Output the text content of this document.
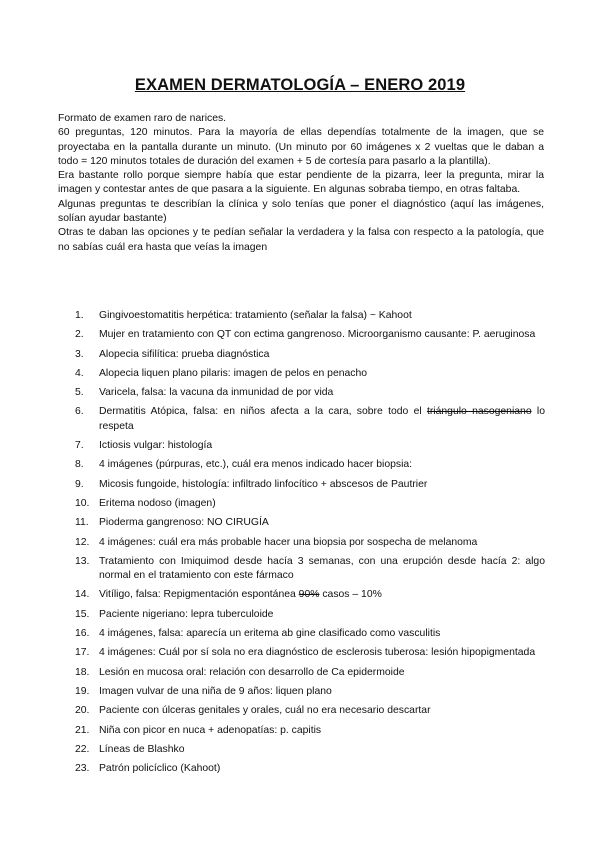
EXAMEN DERMATOLOGÍA – ENERO 2019

Formato de examen raro de narices.

60 preguntas, 120 minutos. Para la mayoría de ellas dependías totalmente de la imagen, que se proyectaba en la pantalla durante un minuto. (Un minuto por 60 imágenes x 2 vueltas que le daban a todo = 120 minutos totales de duración del examen + 5 de cortesía para pasarlo a la plantilla).

Era bastante rollo porque siempre había que estar pendiente de la pizarra, leer la pregunta, mirar la imagen y contestar antes de que pasara a la siguiente. En algunas sobraba tiempo, en otras faltaba.

Algunas preguntas te describían la clínica y solo tenías que poner el diagnóstico (aquí las imágenes, solían ayudar bastante)

Otras te daban las opciones y te pedían señalar la verdadera y la falsa con respecto a la patología, que no sabías cuál era hasta que veías la imagen

1. Gingivoestomatitis herpética: tratamiento (señalar la falsa) ~ Kahoot
2. Mujer en tratamiento con QT con ectima gangrenoso. Microorganismo causante: P. aeruginosa
3. Alopecia sifilítica: prueba diagnóstica
4. Alopecia liquen plano pilaris: imagen de pelos en penacho
5. Varicela, falsa: la vacuna da inmunidad de por vida
6. Dermatitis Atópica, falsa: en niños afecta a la cara, sobre todo el triángulo nasogeniano lo respeta
7. Ictiosis vulgar: histología
8. 4 imágenes (púrpuras, etc.), cuál era menos indicado hacer biopsia:
9. Micosis fungoide, histología: infiltrado linfocítico + abscesos de Pautrier
10. Eritema nodoso (imagen)
11. Pioderma gangrenoso: NO CIRUGÍA
12. 4 imágenes: cuál era más probable hacer una biopsia por sospecha de melanoma
13. Tratamiento con Imiquimod desde hacía 3 semanas, con una erupción desde hacía 2: algo normal en el tratamiento con este fármaco
14. Vitíligo, falsa: Repigmentación espontánea 90% casos – 10%
15. Paciente nigeriano: lepra tuberculoide
16. 4 imágenes, falsa: aparecía un eritema ab gine clasificado como vasculitis
17. 4 imágenes: Cuál por sí sola no era diagnóstico de esclerosis tuberosa: lesión hipopigmentada
18. Lesión en mucosa oral: relación con desarrollo de Ca epidermoide
19. Imagen vulvar de una niña de 9 años: liquen plano
20. Paciente con úlceras genitales y orales, cuál no era necesario descartar
21. Niña con picor en nuca + adenopatías: p. capitis
22. Líneas de Blashko
23. Patrón policíclico (Kahoot)
